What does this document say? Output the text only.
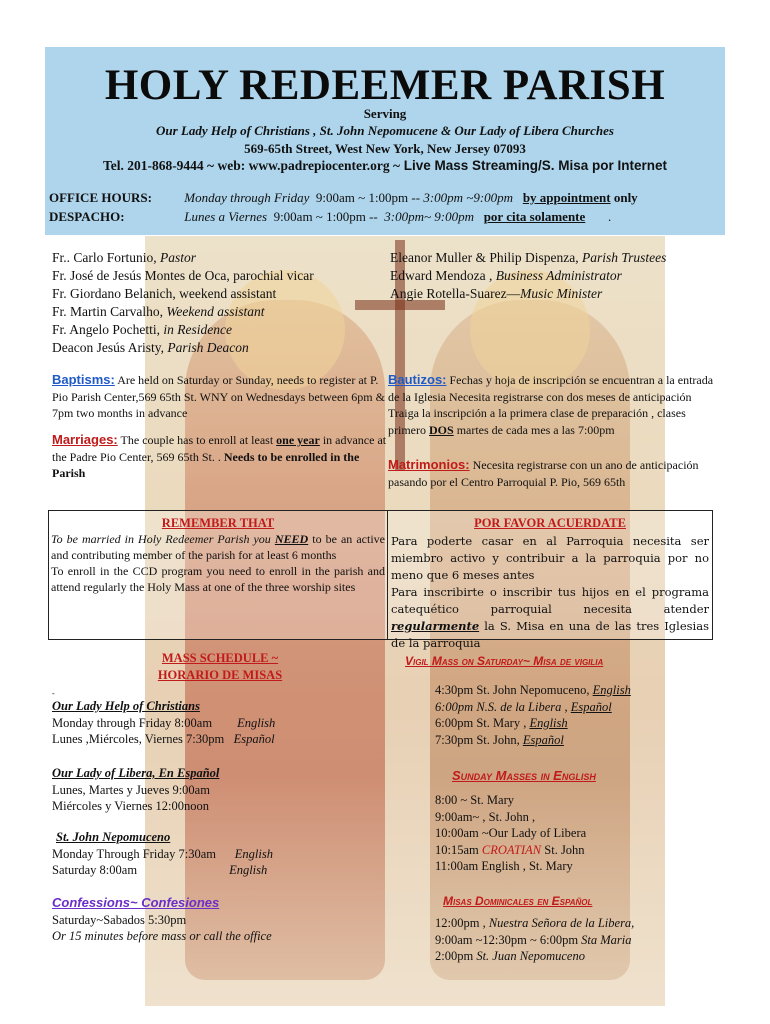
HOLY REDEEMER PARISH
Serving
Our Lady Help of Christians , St. John Nepomucene & Our Lady of Libera Churches
569-65th Street, West New York, New Jersey 07093
Tel. 201-868-9444 ~ web: www.padrepiocenter.org ~ Live Mass Streaming/S. Misa por Internet
OFFICE HOURS: Monday through Friday 9:00am ~ 1:00pm -- 3:00pm ~9:00pm by appointment only
DESPACHO:	Lunes a Viernes 9:00am ~ 1:00pm -- 3:00pm~ 9:00pm por cita solamente .
Fr.. Carlo Fortunio, Pastor
Fr. José de Jesús Montes de Oca, parochial vicar
Fr. Giordano Belanich, weekend assistant
Fr. Martin Carvalho, Weekend assistant
Fr. Angelo Pochetti, in Residence
Deacon Jesús Aristy, Parish Deacon
Eleanor Muller & Philip Dispenza, Parish Trustees
Edward Mendoza , Business Administrator
Angie Rotella-Suarez—Music Minister
Baptisms: Are held on Saturday or Sunday, needs to register at P. Pio Parish Center,569 65th St. WNY on Wednesdays between 6pm & 7pm two months in advance
Marriages: The couple has to enroll at least one year in advance at the Padre Pio Center, 569 65th St. . Needs to be enrolled in the Parish
Bautizos: Fechas y hoja de inscripción se encuentran a la entrada de la Iglesia Necesita registrarse con dos meses de anticipación Traiga la inscripción a la primera clase de preparación , clases primero DOS martes de cada mes a las 7:00pm
Matrimonios: Necesita registrarse con un ano de anticipación pasando por el Centro Parroquial P. Pio, 569 65th
REMEMBER THAT
To be married in Holy Redeemer Parish you NEED to be an active and contributing member of the parish for at least 6 months
To enroll in the CCD program you need to enroll in the parish and attend regularly the Holy Mass at one of the three worship sites
POR FAVOR ACUERDATE
Para poderte casar en al Parroquia necesita ser miembro activo y contribuir a la parroquia por no meno que 6 meses antes
Para inscribirte o inscribir tus hijos en el programa catequético parroquial necesita atender regularmente la S. Misa en una de las tres Iglesias de la parroquia
MASS SCHEDULE ~
HORARIO DE MISAS
-
Our Lady Help of Christians
Monday through Friday 8:00am English
Lunes ,Miércoles, Viernes 7:30pm Español
Our Lady of Libera, En Español
Lunes, Martes y Jueves 9:00am
Miércoles y Viernes 12:00noon
St. John Nepomuceno
Monday Through Friday 7:30am English
Saturday 8:00am	English
Confessions~ Confesiones
Saturday~Sabados 5:30pm
Or 15 minutes before mass or call the office
Vigil Mass on Saturday~ Misa de vigilia
4:30pm St. John Nepomuceno, English
6:00pm N.S. de la Libera , Español
6:00pm St. Mary , English
7:30pm St. John, Español
Sunday Masses in English
8:00 ~ St. Mary
9:00am~ , St. John ,
10:00am ~Our Lady of Libera
10:15am CROATIAN St. John
11:00am English , St. Mary
Misas Dominicales en Español
12:00pm , Nuestra Señora de la Libera,
9:00am ~12:30pm ~ 6:00pm Sta Maria
2:00pm St. Juan Nepomuceno
